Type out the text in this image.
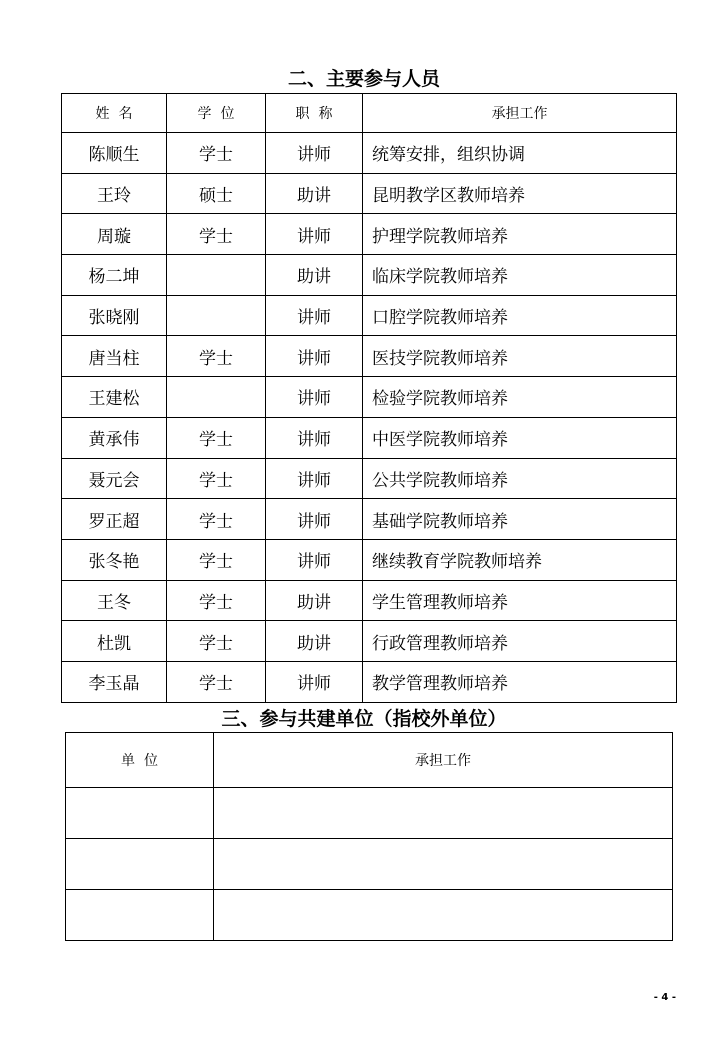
二、主要参与人员
姓  名	学  位	职  称	承担工作
陈顺生	学士	讲师	统筹安排，组织协调
王玲	硕士	助讲	昆明教学区教师培养
周璇	学士	讲师	护理学院教师培养
杨二坤		助讲	临床学院教师培养
张晓刚		讲师	口腔学院教师培养
唐当柱	学士	讲师	医技学院教师培养
王建松		讲师	检验学院教师培养
黄承伟	学士	讲师	中医学院教师培养
聂元会	学士	讲师	公共学院教师培养
罗正超	学士	讲师	基础学院教师培养
张冬艳	学士	讲师	继续教育学院教师培养
王冬	学士	助讲	学生管理教师培养
杜凯	学士	助讲	行政管理教师培养
李玉晶	学士	讲师	教学管理教师培养
三、参与共建单位（指校外单位）
单  位	承担工作

- 4 -
